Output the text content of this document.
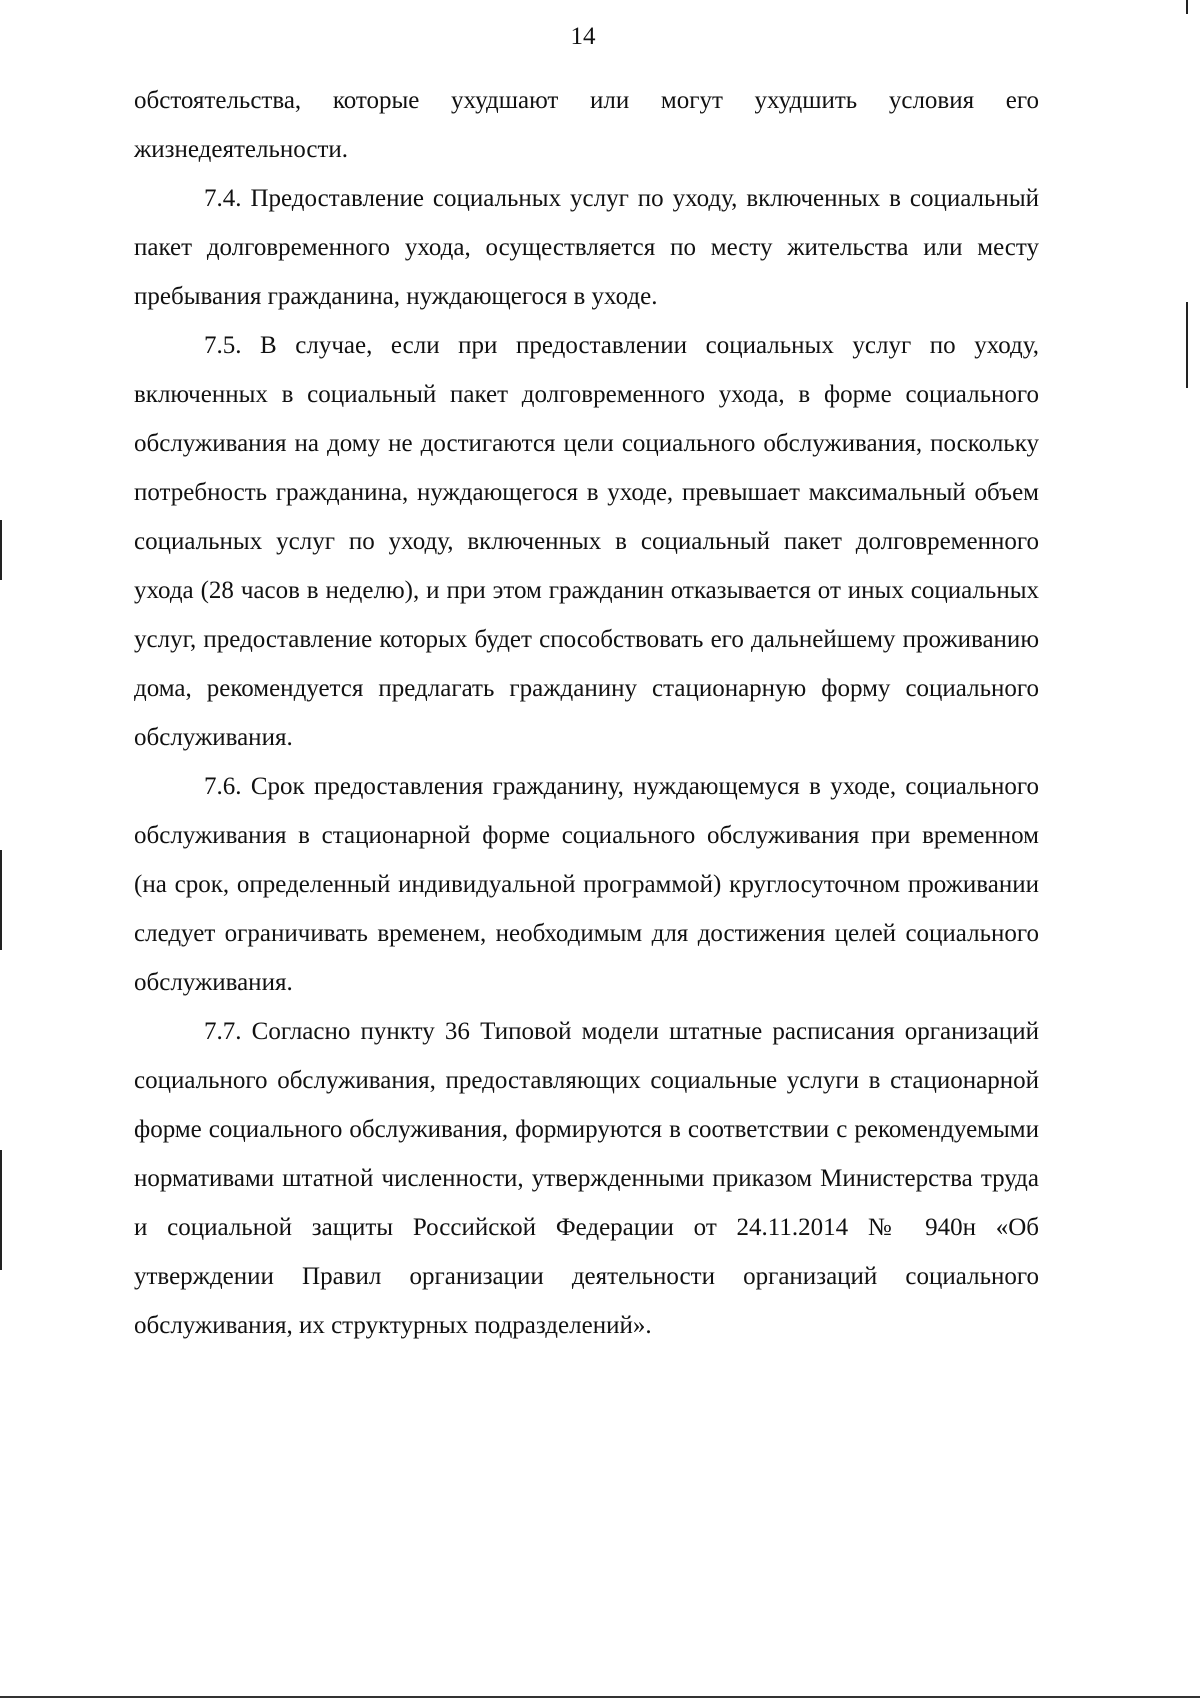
14

обстоятельства, которые ухудшают или могут ухудшить условия его жизнедеятельности.

7.4. Предоставление социальных услуг по уходу, включенных в социальный пакет долговременного ухода, осуществляется по месту жительства или месту пребывания гражданина, нуждающегося в уходе.

7.5. В случае, если при предоставлении социальных услуг по уходу, включенных в социальный пакет долговременного ухода, в форме социального обслуживания на дому не достигаются цели социального обслуживания, поскольку потребность гражданина, нуждающегося в уходе, превышает максимальный объем социальных услуг по уходу, включенных в социальный пакет долговременного ухода (28 часов в неделю), и при этом гражданин отказывается от иных социальных услуг, предоставление которых будет способствовать его дальнейшему проживанию дома, рекомендуется предлагать гражданину стационарную форму социального обслуживания.

7.6. Срок предоставления гражданину, нуждающемуся в уходе, социального обслуживания в стационарной форме социального обслуживания при временном (на срок, определенный индивидуальной программой) круглосуточном проживании следует ограничивать временем, необходимым для достижения целей социального обслуживания.

7.7. Согласно пункту 36 Типовой модели штатные расписания организаций социального обслуживания, предоставляющих социальные услуги в стационарной форме социального обслуживания, формируются в соответствии с рекомендуемыми нормативами штатной численности, утвержденными приказом Министерства труда и социальной защиты Российской Федерации от 24.11.2014 № 940н «Об утверждении Правил организации деятельности организаций социального обслуживания, их структурных подразделений».
